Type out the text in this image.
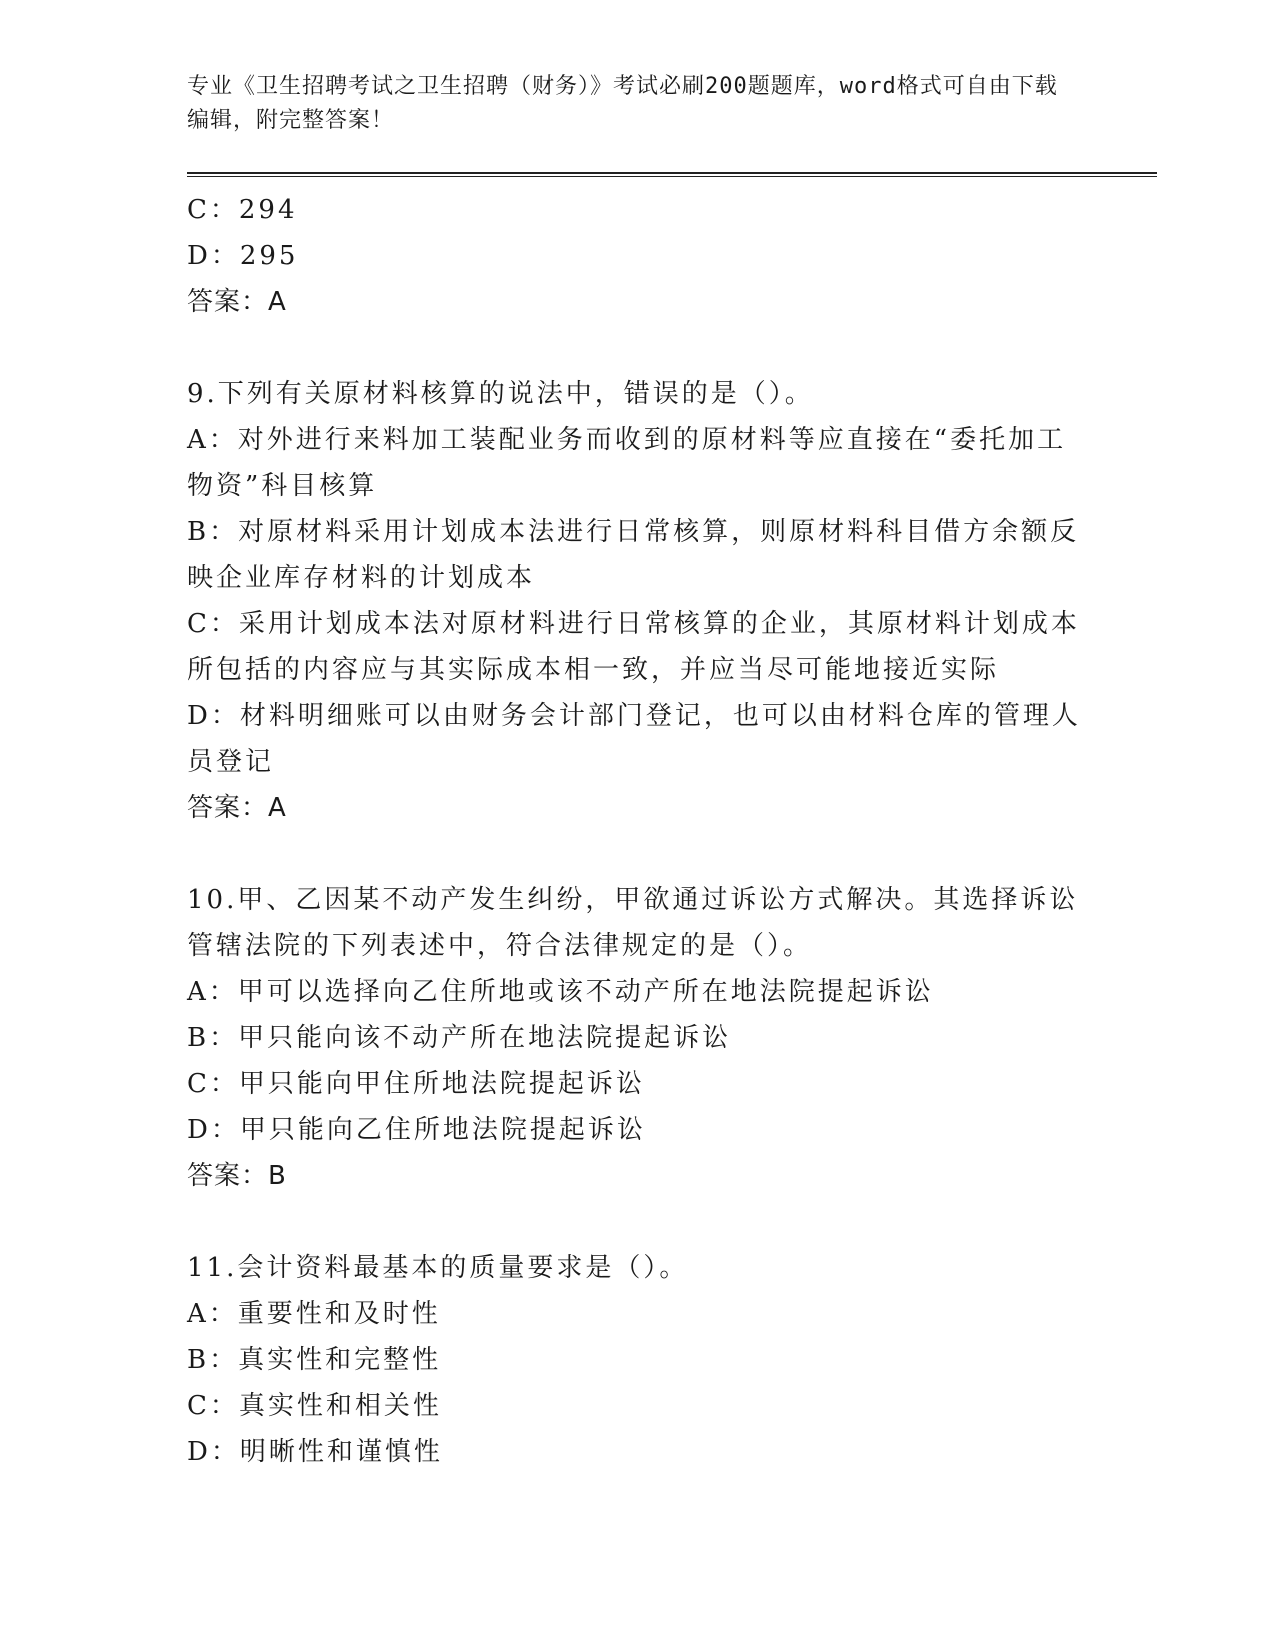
专业《卫生招聘考试之卫生招聘（财务）》考试必刷200题题库，word格式可自由下载编辑，附完整答案！
C：294
D：295
答案：A
9.下列有关原材料核算的说法中，错误的是（）。
A：对外进行来料加工装配业务而收到的原材料等应直接在“委托加工物资”科目核算
B：对原材料采用计划成本法进行日常核算，则原材料科目借方余额反映企业库存材料的计划成本
C：采用计划成本法对原材料进行日常核算的企业，其原材料计划成本所包括的内容应与其实际成本相一致，并应当尽可能地接近实际
D：材料明细账可以由财务会计部门登记，也可以由材料仓库的管理人员登记
答案：A
10.甲、乙因某不动产发生纠纷，甲欲通过诉讼方式解决。其选择诉讼管辖法院的下列表述中，符合法律规定的是（）。
A：甲可以选择向乙住所地或该不动产所在地法院提起诉讼
B：甲只能向该不动产所在地法院提起诉讼
C：甲只能向甲住所地法院提起诉讼
D：甲只能向乙住所地法院提起诉讼
答案：B
11.会计资料最基本的质量要求是（）。
A：重要性和及时性
B：真实性和完整性
C：真实性和相关性
D：明晰性和谨慎性
